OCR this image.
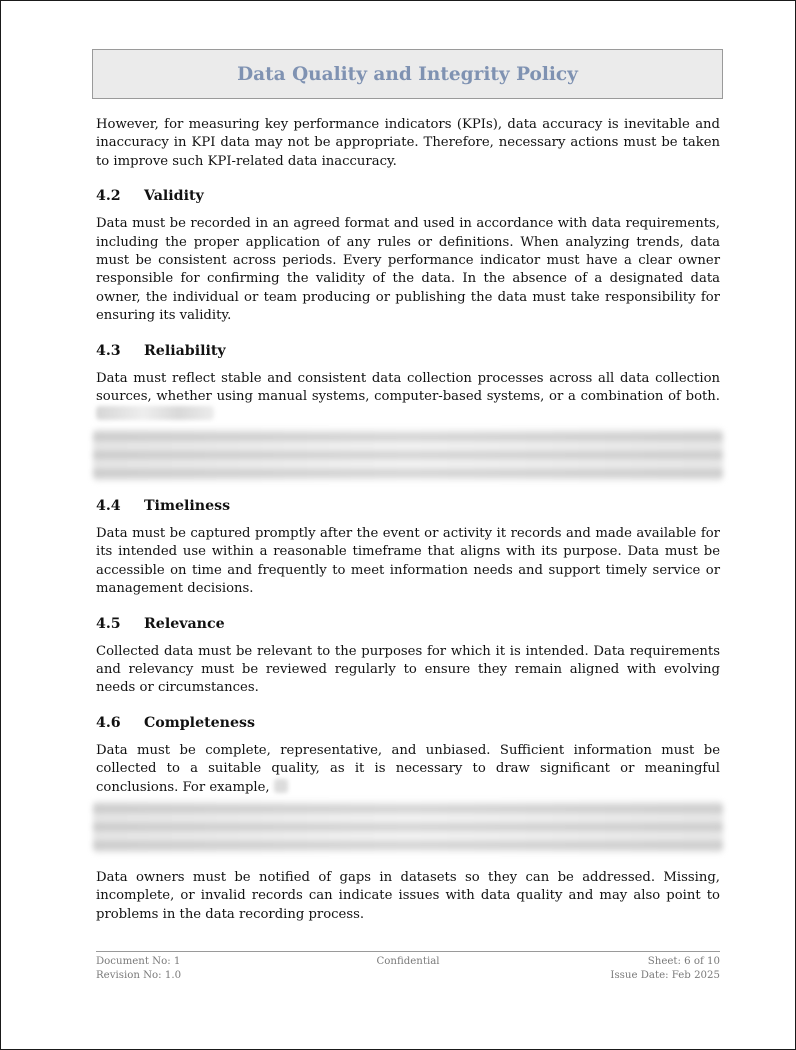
Data Quality and Integrity Policy

However, for measuring key performance indicators (KPIs), data accuracy is inevitable and inaccuracy in KPI data may not be appropriate. Therefore, necessary actions must be taken to improve such KPI-related data inaccuracy.

4.2	Validity

Data must be recorded in an agreed format and used in accordance with data requirements, including the proper application of any rules or definitions. When analyzing trends, data must be consistent across periods. Every performance indicator must have a clear owner responsible for confirming the validity of the data. In the absence of a designated data owner, the individual or team producing or publishing the data must take responsibility for ensuring its validity.

4.3	Reliability

Data must reflect stable and consistent data collection processes across all data collection sources, whether using manual systems, computer-based systems, or a combination of both.

4.4	Timeliness

Data must be captured promptly after the event or activity it records and made available for its intended use within a reasonable timeframe that aligns with its purpose. Data must be accessible on time and frequently to meet information needs and support timely service or management decisions.

4.5	Relevance

Collected data must be relevant to the purposes for which it is intended. Data requirements and relevancy must be reviewed regularly to ensure they remain aligned with evolving needs or circumstances.

4.6	Completeness

Data must be complete, representative, and unbiased. Sufficient information must be collected to a suitable quality, as it is necessary to draw significant or meaningful conclusions. For example,

Data owners must be notified of gaps in datasets so they can be addressed. Missing, incomplete, or invalid records can indicate issues with data quality and may also point to problems in the data recording process.

Document No: 1	Confidential	Sheet: 6 of 10
Revision No: 1.0	Issue Date: Feb 2025
